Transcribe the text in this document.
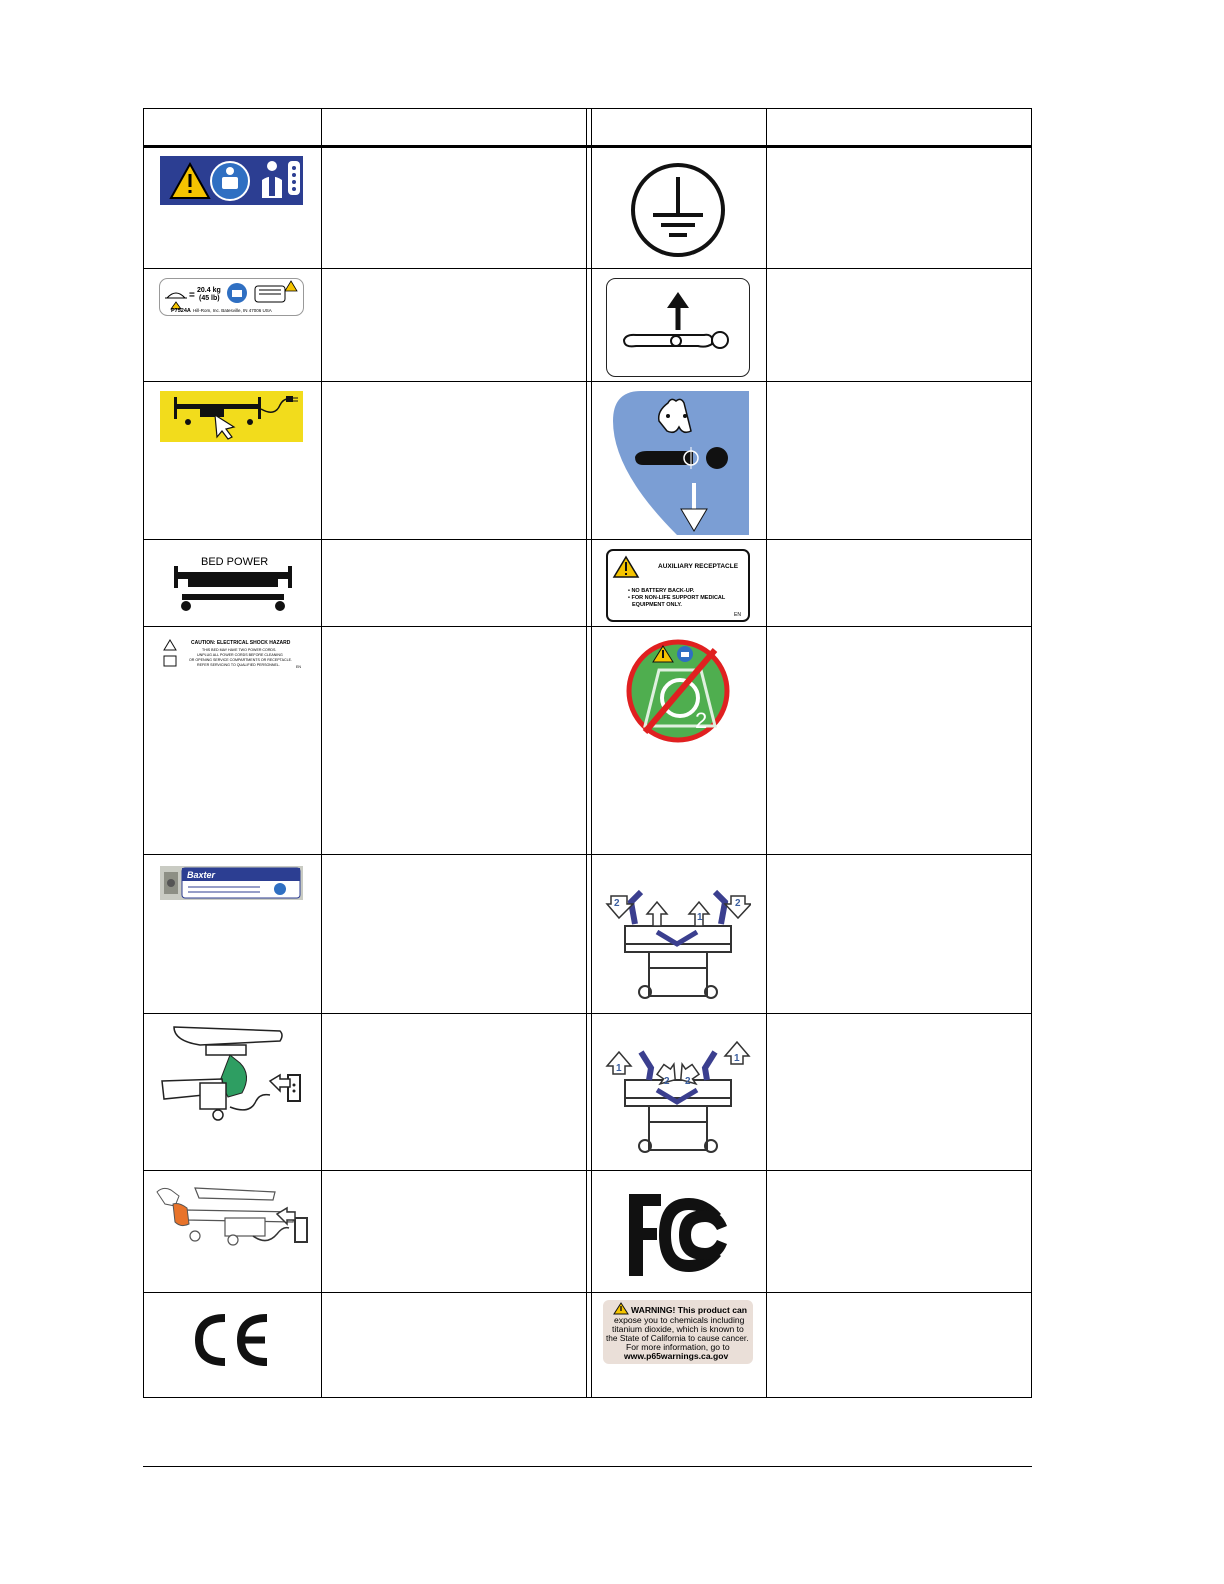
= 20.4 kg
(45 lb)
P7524A Hill-Rom, Inc. Batesville, IN 47006 USA
BED POWER	AUXILIARY RECEPTACLE
• NO BATTERY BACK-UP.
• FOR NON-LIFE SUPPORT MEDICAL
EQUIPMENT ONLY.
EN
CAUTION: ELECTRICAL SHOCK HAZARD
THIS BED MAY HAVE TWO POWER CORDS.
UNPLUG ALL POWER CORDS BEFORE CLEANING
OR OPENING SERVICE COMPARTMENTS OR RECEPTACLE.
REFER SERVICING TO QUALIFIED PERSONNEL.	EN
2
Baxter
2	2
1
1
1
2 2
WARNING! This product can
expose you to chemicals including
titanium dioxide, which is known to
the State of California to cause cancer.
For more information, go to
www.p65warnings.ca.gov
